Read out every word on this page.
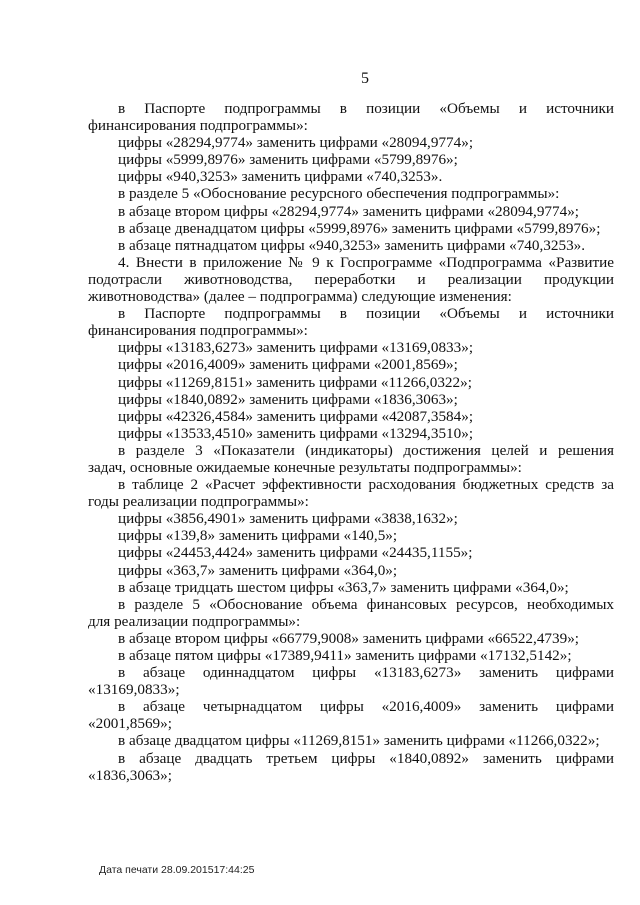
5
в Паспорте подпрограммы в позиции «Объемы и источники
финансирования подпрограммы»:
цифры «28294,9774» заменить цифрами «28094,9774»;
цифры «5999,8976» заменить цифрами «5799,8976»;
цифры «940,3253» заменить цифрами «740,3253».
в разделе 5 «Обоснование ресурсного обеспечения подпрограммы»:
в абзаце втором цифры «28294,9774» заменить цифрами «28094,9774»;
в абзаце двенадцатом цифры «5999,8976» заменить цифрами «5799,8976»;
в абзаце пятнадцатом цифры «940,3253» заменить цифрами «740,3253».
4. Внести в приложение № 9 к Госпрограмме «Подпрограмма «Развитие
подотрасли животноводства, переработки и реализации продукции
животноводства» (далее – подпрограмма) следующие изменения:
в Паспорте подпрограммы в позиции «Объемы и источники
финансирования подпрограммы»:
цифры «13183,6273» заменить цифрами «13169,0833»;
цифры «2016,4009» заменить цифрами «2001,8569»;
цифры «11269,8151» заменить цифрами «11266,0322»;
цифры «1840,0892» заменить цифрами «1836,3063»;
цифры «42326,4584» заменить цифрами «42087,3584»;
цифры «13533,4510» заменить цифрами «13294,3510»;
в разделе 3 «Показатели (индикаторы) достижения целей и решения
задач, основные ожидаемые конечные результаты подпрограммы»:
в таблице 2 «Расчет эффективности расходования бюджетных средств за
годы реализации подпрограммы»:
цифры «3856,4901» заменить цифрами «3838,1632»;
цифры «139,8» заменить цифрами «140,5»;
цифры «24453,4424» заменить цифрами «24435,1155»;
цифры «363,7» заменить цифрами «364,0»;
в абзаце тридцать шестом цифры «363,7» заменить цифрами «364,0»;
в разделе 5 «Обоснование объема финансовых ресурсов, необходимых
для реализации подпрограммы»:
в абзаце втором цифры «66779,9008» заменить цифрами «66522,4739»;
в абзаце пятом цифры «17389,9411» заменить цифрами «17132,5142»;
в абзаце одиннадцатом цифры «13183,6273» заменить цифрами
«13169,0833»;
в абзаце четырнадцатом цифры «2016,4009» заменить цифрами
«2001,8569»;
в абзаце двадцатом цифры «11269,8151» заменить цифрами «11266,0322»;
в абзаце двадцать третьем цифры «1840,0892» заменить цифрами
«1836,3063»;
Дата печати 28.09.201517:44:25
